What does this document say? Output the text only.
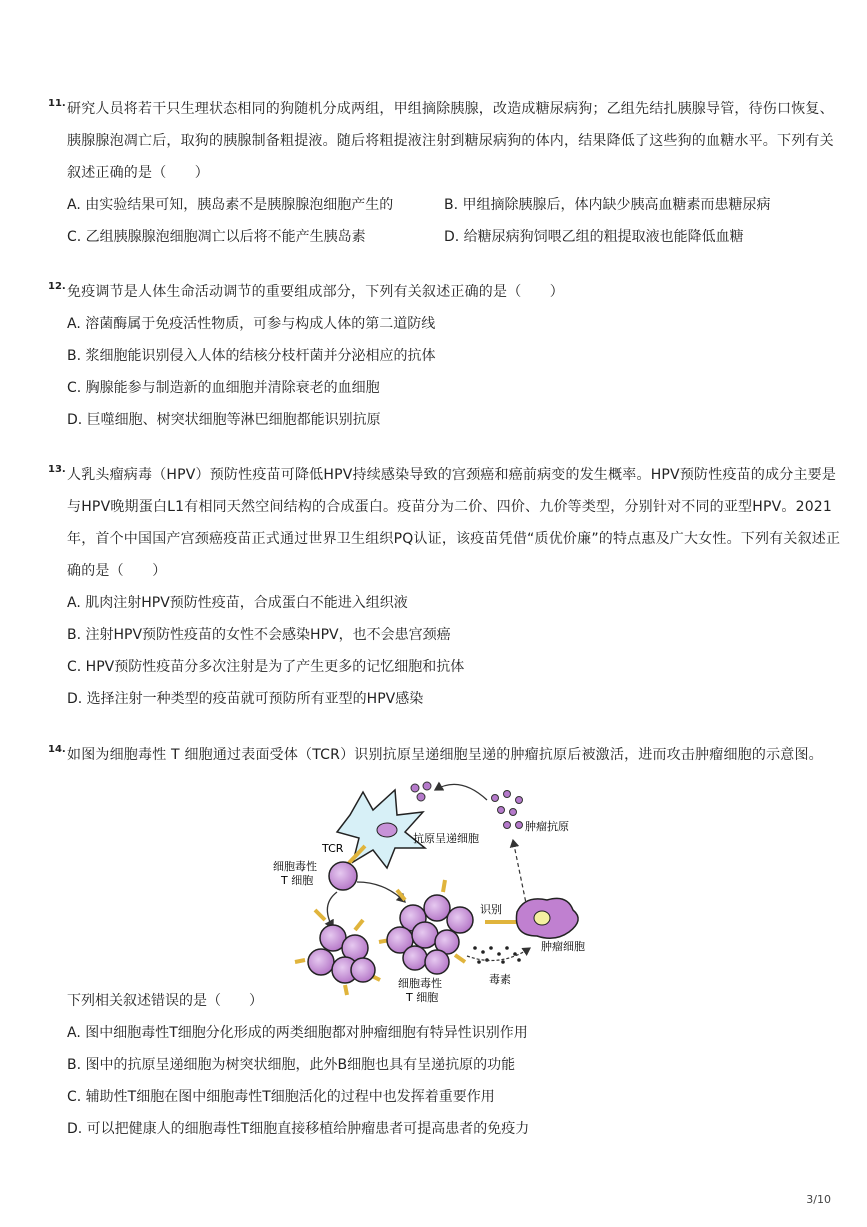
11. 研究人员将若干只生理状态相同的狗随机分成两组，甲组摘除胰腺，改造成糖尿病狗；乙组先结扎胰腺导管，待伤口恢复、
胰腺腺泡凋亡后，取狗的胰腺制备粗提液。随后将粗提液注射到糖尿病狗的体内，结果降低了这些狗的血糖水平。下列有关
叙述正确的是（　　）
A. 由实验结果可知，胰岛素不是胰腺腺泡细胞产生的	B. 甲组摘除胰腺后，体内缺少胰高血糖素而患糖尿病
C. 乙组胰腺腺泡细胞凋亡以后将不能产生胰岛素	D. 给糖尿病狗饲喂乙组的粗提取液也能降低血糖
12. 免疫调节是人体生命活动调节的重要组成部分，下列有关叙述正确的是（　　）
A. 溶菌酶属于免疫活性物质，可参与构成人体的第二道防线
B. 浆细胞能识别侵入人体的结核分枝杆菌并分泌相应的抗体
C. 胸腺能参与制造新的血细胞并清除衰老的血细胞
D. 巨噬细胞、树突状细胞等淋巴细胞都能识别抗原
13. 人乳头瘤病毒（HPV）预防性疫苗可降低HPV持续感染导致的宫颈癌和癌前病变的发生概率。HPV预防性疫苗的成分主要是
与HPV晚期蛋白L1有相同天然空间结构的合成蛋白。疫苗分为二价、四价、九价等类型，分别针对不同的亚型HPV。2021
年，首个中国国产宫颈癌疫苗正式通过世界卫生组织PQ认证，该疫苗凭借“质优价廉”的特点惠及广大女性。下列有关叙述正
确的是（　　）
A. 肌肉注射HPV预防性疫苗，合成蛋白不能进入组织液
B. 注射HPV预防性疫苗的女性不会感染HPV，也不会患宫颈癌
C. HPV预防性疫苗分多次注射是为了产生更多的记忆细胞和抗体
D. 选择注射一种类型的疫苗就可预防所有亚型的HPV感染
14. 如图为细胞毒性 T 细胞通过表面受体（TCR）识别抗原呈递细胞呈递的肿瘤抗原后被激活，进而攻击肿瘤细胞的示意图。
抗原呈递细胞
肿瘤抗原
TCR
细胞毒性
T 细胞
细胞毒性
T 细胞
识别
肿瘤细胞
毒素
下列相关叙述错误的是（　　）
A. 图中细胞毒性T细胞分化形成的两类细胞都对肿瘤细胞有特异性识别作用
B. 图中的抗原呈递细胞为树突状细胞，此外B细胞也具有呈递抗原的功能
C. 辅助性T细胞在图中细胞毒性T细胞活化的过程中也发挥着重要作用
D. 可以把健康人的细胞毒性T细胞直接移植给肿瘤患者可提高患者的免疫力
3/10
